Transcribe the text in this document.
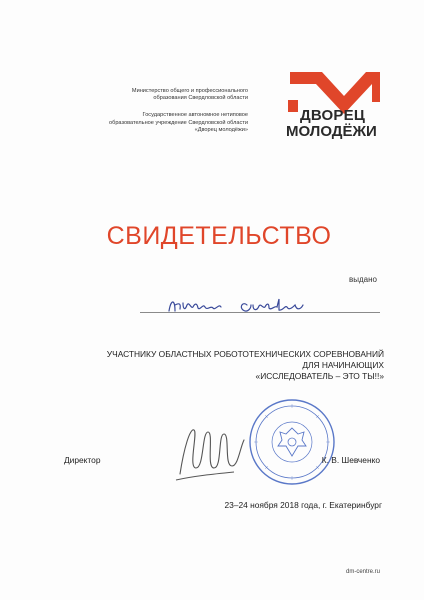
Министерство общего и профессионального
образования Свердловской области
Государственное автономное нетиповое
образовательное учреждение Свердловской области
«Дворец молодёжи»
ДВОРЕЦ
МОЛОДЁЖИ
СВИДЕТЕЛЬСТВО
выдано
УЧАСТНИКУ ОБЛАСТНЫХ РОБОТОТЕХНИЧЕСКИХ СОРЕВНОВАНИЙ
ДЛЯ НАЧИНАЮЩИХ
«ИССЛЕДОВАТЕЛЬ – ЭТО ТЫ!!»
Директор	К. В. Шевченко
23–24 ноября 2018 года, г. Екатеринбург
dm-centre.ru
